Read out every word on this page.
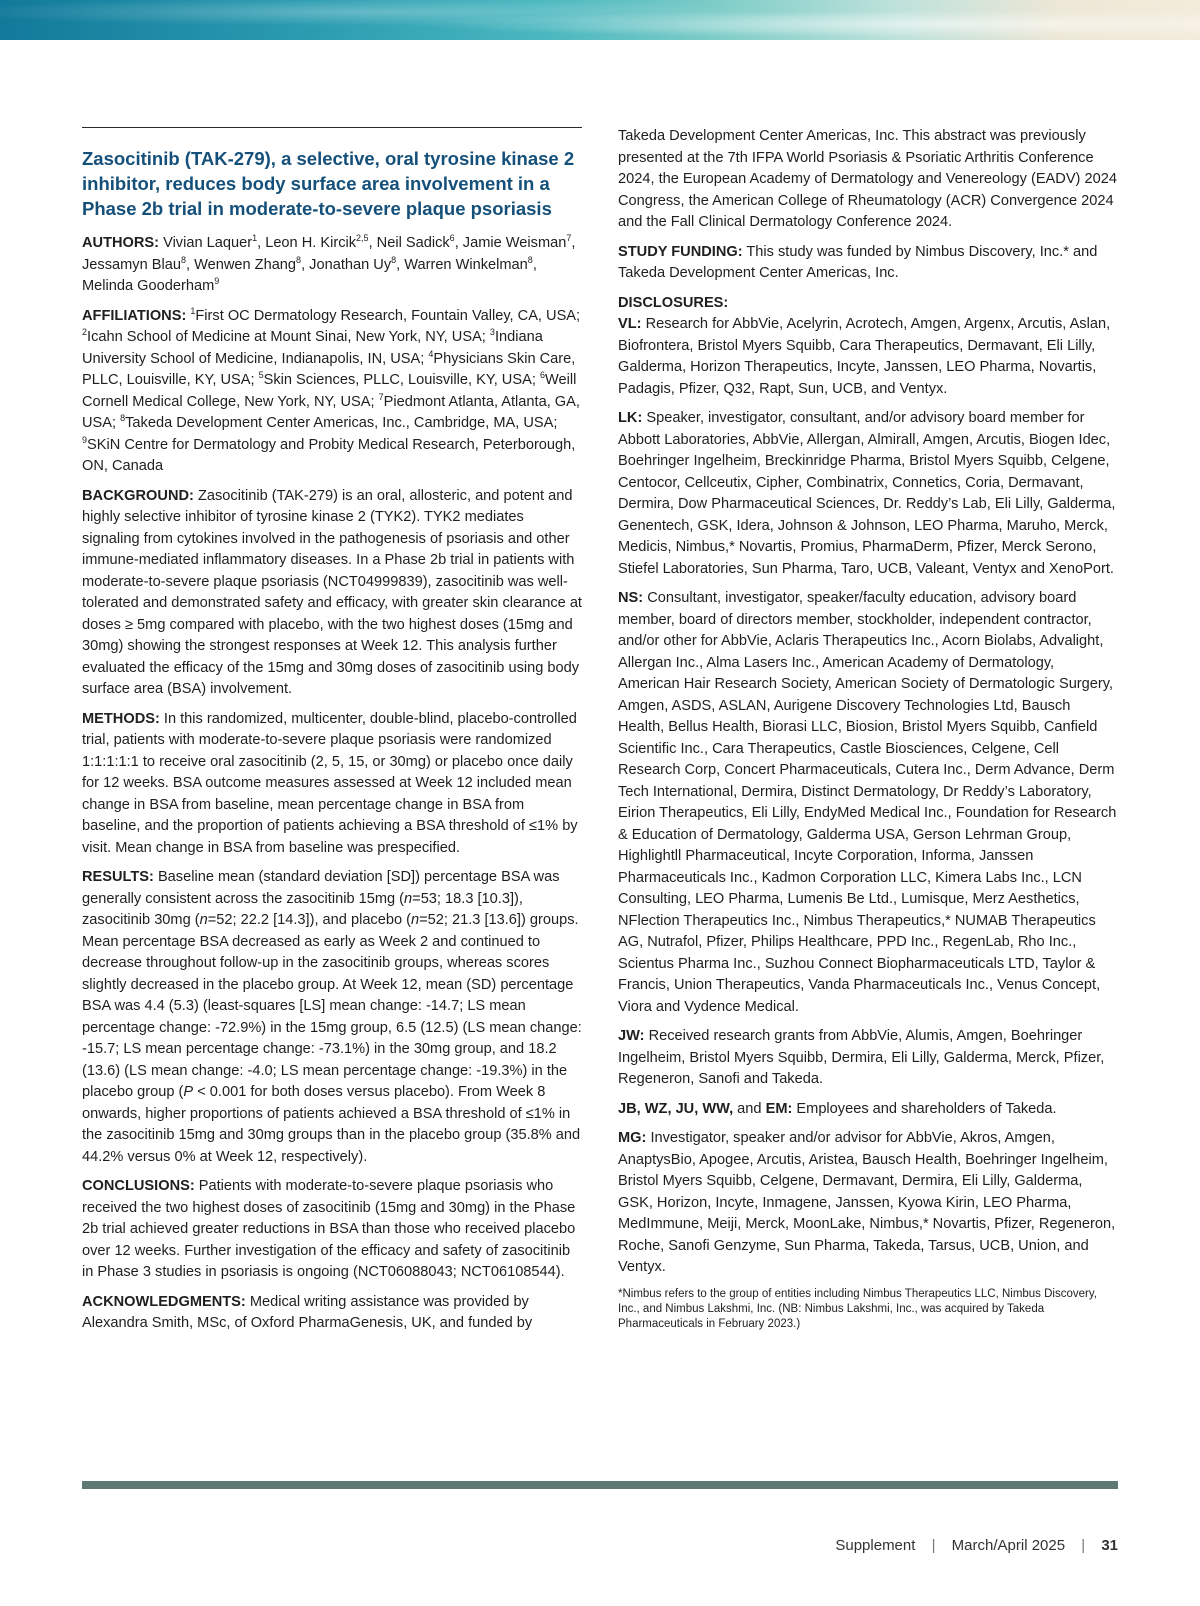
Zasocitinib (TAK-279), a selective, oral tyrosine kinase 2 inhibitor, reduces body surface area involvement in a Phase 2b trial in moderate-to-severe plaque psoriasis

AUTHORS: Vivian Laquer$^1$, Leon H. Kircik$^{2,5}$, Neil Sadick$^6$, Jamie Weisman$^7$, Jessamyn Blau$^8$, Wenwen Zhang$^8$, Jonathan Uy$^8$, Warren Winkelman$^8$, Melinda Gooderham$^9$

AFFILIATIONS: $^1$First OC Dermatology Research, Fountain Valley, CA, USA; $^2$Icahn School of Medicine at Mount Sinai, New York, NY, USA; $^3$Indiana University School of Medicine, Indianapolis, IN, USA; $^4$Physicians Skin Care, PLLC, Louisville, KY, USA; $^5$Skin Sciences, PLLC, Louisville, KY, USA; $^6$Weill Cornell Medical College, New York, NY, USA; $^7$Piedmont Atlanta, Atlanta, GA, USA; $^8$Takeda Development Center Americas, Inc., Cambridge, MA, USA; $^9$SKiN Centre for Dermatology and Probity Medical Research, Peterborough, ON, Canada

BACKGROUND: Zasocitinib (TAK-279) is an oral, allosteric, and potent and highly selective inhibitor of tyrosine kinase 2 (TYK2). TYK2 mediates signaling from cytokines involved in the pathogenesis of psoriasis and other immune-mediated inflammatory diseases. In a Phase 2b trial in patients with moderate-to-severe plaque psoriasis (NCT04999839), zasocitinib was well-tolerated and demonstrated safety and efficacy, with greater skin clearance at doses ≥ 5mg compared with placebo, with the two highest doses (15mg and 30mg) showing the strongest responses at Week 12. This analysis further evaluated the efficacy of the 15mg and 30mg doses of zasocitinib using body surface area (BSA) involvement.

METHODS: In this randomized, multicenter, double-blind, placebo-controlled trial, patients with moderate-to-severe plaque psoriasis were randomized 1:1:1:1:1 to receive oral zasocitinib (2, 5, 15, or 30mg) or placebo once daily for 12 weeks. BSA outcome measures assessed at Week 12 included mean change in BSA from baseline, mean percentage change in BSA from baseline, and the proportion of patients achieving a BSA threshold of ≤1% by visit. Mean change in BSA from baseline was prespecified.

RESULTS: Baseline mean (standard deviation [SD]) percentage BSA was generally consistent across the zasocitinib 15mg (n=53; 18.3 [10.3]), zasocitinib 30mg (n=52; 22.2 [14.3]), and placebo (n=52; 21.3 [13.6]) groups. Mean percentage BSA decreased as early as Week 2 and continued to decrease throughout follow-up in the zasocitinib groups, whereas scores slightly decreased in the placebo group. At Week 12, mean (SD) percentage BSA was 4.4 (5.3) (least-squares [LS] mean change: -14.7; LS mean percentage change: -72.9%) in the 15mg group, 6.5 (12.5) (LS mean change: -15.7; LS mean percentage change: -73.1%) in the 30mg group, and 18.2 (13.6) (LS mean change: -4.0; LS mean percentage change: -19.3%) in the placebo group (P < 0.001 for both doses versus placebo). From Week 8 onwards, higher proportions of patients achieved a BSA threshold of ≤1% in the zasocitinib 15mg and 30mg groups than in the placebo group (35.8% and 44.2% versus 0% at Week 12, respectively).

CONCLUSIONS: Patients with moderate-to-severe plaque psoriasis who received the two highest doses of zasocitinib (15mg and 30mg) in the Phase 2b trial achieved greater reductions in BSA than those who received placebo over 12 weeks. Further investigation of the efficacy and safety of zasocitinib in Phase 3 studies in psoriasis is ongoing (NCT06088043; NCT06108544).

ACKNOWLEDGMENTS: Medical writing assistance was provided by Alexandra Smith, MSc, of Oxford PharmaGenesis, UK, and funded by

Takeda Development Center Americas, Inc. This abstract was previously presented at the 7th IFPA World Psoriasis & Psoriatic Arthritis Conference 2024, the European Academy of Dermatology and Venereology (EADV) 2024 Congress, the American College of Rheumatology (ACR) Convergence 2024 and the Fall Clinical Dermatology Conference 2024.

STUDY FUNDING: This study was funded by Nimbus Discovery, Inc.* and Takeda Development Center Americas, Inc.

DISCLOSURES:

VL: Research for AbbVie, Acelyrin, Acrotech, Amgen, Argenx, Arcutis, Aslan, Biofrontera, Bristol Myers Squibb, Cara Therapeutics, Dermavant, Eli Lilly, Galderma, Horizon Therapeutics, Incyte, Janssen, LEO Pharma, Novartis, Padagis, Pfizer, Q32, Rapt, Sun, UCB, and Ventyx.

LK: Speaker, investigator, consultant, and/or advisory board member for Abbott Laboratories, AbbVie, Allergan, Almirall, Amgen, Arcutis, Biogen Idec, Boehringer Ingelheim, Breckinridge Pharma, Bristol Myers Squibb, Celgene, Centocor, Cellceutix, Cipher, Combinatrix, Connetics, Coria, Dermavant, Dermira, Dow Pharmaceutical Sciences, Dr. Reddy’s Lab, Eli Lilly, Galderma, Genentech, GSK, Idera, Johnson & Johnson, LEO Pharma, Maruho, Merck, Medicis, Nimbus,* Novartis, Promius, PharmaDerm, Pfizer, Merck Serono, Stiefel Laboratories, Sun Pharma, Taro, UCB, Valeant, Ventyx and XenoPort.

NS: Consultant, investigator, speaker/faculty education, advisory board member, board of directors member, stockholder, independent contractor, and/or other for AbbVie, Aclaris Therapeutics Inc., Acorn Biolabs, Advalight, Allergan Inc., Alma Lasers Inc., American Academy of Dermatology, American Hair Research Society, American Society of Dermatologic Surgery, Amgen, ASDS, ASLAN, Aurigene Discovery Technologies Ltd, Bausch Health, Bellus Health, Biorasi LLC, Biosion, Bristol Myers Squibb, Canfield Scientific Inc., Cara Therapeutics, Castle Biosciences, Celgene, Cell Research Corp, Concert Pharmaceuticals, Cutera Inc., Derm Advance, Derm Tech International, Dermira, Distinct Dermatology, Dr Reddy’s Laboratory, Eirion Therapeutics, Eli Lilly, EndyMed Medical Inc., Foundation for Research & Education of Dermatology, Galderma USA, Gerson Lehrman Group, Highlightll Pharmaceutical, Incyte Corporation, Informa, Janssen Pharmaceuticals Inc., Kadmon Corporation LLC, Kimera Labs Inc., LCN Consulting, LEO Pharma, Lumenis Be Ltd., Lumisque, Merz Aesthetics, NFlection Therapeutics Inc., Nimbus Therapeutics,* NUMAB Therapeutics AG, Nutrafol, Pfizer, Philips Healthcare, PPD Inc., RegenLab, Rho Inc., Scientus Pharma Inc., Suzhou Connect Biopharmaceuticals LTD, Taylor & Francis, Union Therapeutics, Vanda Pharmaceuticals Inc., Venus Concept, Viora and Vydence Medical.

JW: Received research grants from AbbVie, Alumis, Amgen, Boehringer Ingelheim, Bristol Myers Squibb, Dermira, Eli Lilly, Galderma, Merck, Pfizer, Regeneron, Sanofi and Takeda.

JB, WZ, JU, WW, and EM: Employees and shareholders of Takeda.

MG: Investigator, speaker and/or advisor for AbbVie, Akros, Amgen, AnaptysBio, Apogee, Arcutis, Aristea, Bausch Health, Boehringer Ingelheim, Bristol Myers Squibb, Celgene, Dermavant, Dermira, Eli Lilly, Galderma, GSK, Horizon, Incyte, Inmagene, Janssen, Kyowa Kirin, LEO Pharma, MedImmune, Meiji, Merck, MoonLake, Nimbus,* Novartis, Pfizer, Regeneron, Roche, Sanofi Genzyme, Sun Pharma, Takeda, Tarsus, UCB, Union, and Ventyx.

*Nimbus refers to the group of entities including Nimbus Therapeutics LLC, Nimbus Discovery, Inc., and Nimbus Lakshmi, Inc. (NB: Nimbus Lakshmi, Inc., was acquired by Takeda Pharmaceuticals in February 2023.)

Supplement | March/April 2025 | 31
